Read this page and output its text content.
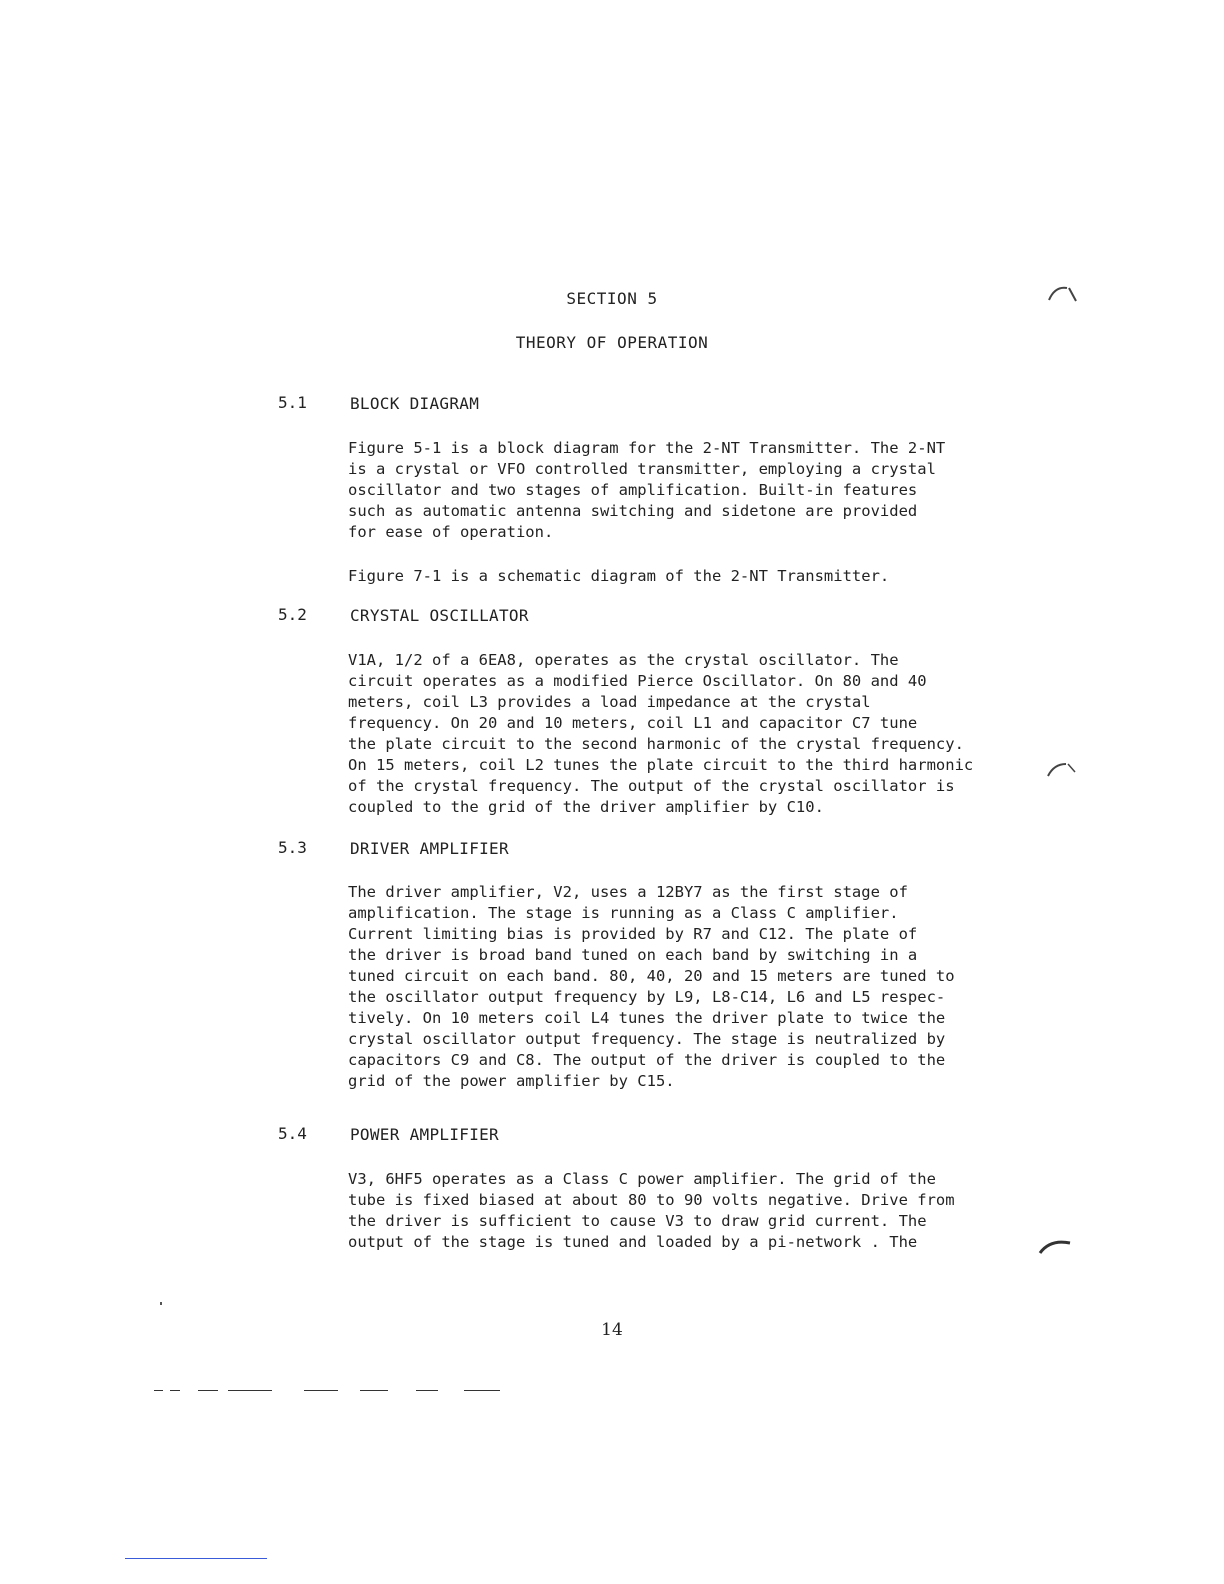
SECTION 5
THEORY OF OPERATION
5.1	BLOCK DIAGRAM
Figure 5-1 is a block diagram for the 2-NT Transmitter. The 2-NT
is a crystal or VFO controlled transmitter, employing a crystal
oscillator and two stages of amplification. Built-in features
such as automatic antenna switching and sidetone are provided
for ease of operation.
Figure 7-1 is a schematic diagram of the 2-NT Transmitter.
5.2	CRYSTAL OSCILLATOR
V1A, 1/2 of a 6EA8, operates as the crystal oscillator. The
circuit operates as a modified Pierce Oscillator. On 80 and 40
meters, coil L3 provides a load impedance at the crystal
frequency. On 20 and 10 meters, coil L1 and capacitor C7 tune
the plate circuit to the second harmonic of the crystal frequency.
On 15 meters, coil L2 tunes the plate circuit to the third harmonic
of the crystal frequency. The output of the crystal oscillator is
coupled to the grid of the driver amplifier by C10.
5.3	DRIVER AMPLIFIER
The driver amplifier, V2, uses a 12BY7 as the first stage of
amplification. The stage is running as a Class C amplifier.
Current limiting bias is provided by R7 and C12. The plate of
the driver is broad band tuned on each band by switching in a
tuned circuit on each band. 80, 40, 20 and 15 meters are tuned to
the oscillator output frequency by L9, L8-C14, L6 and L5 respec-
tively. On 10 meters coil L4 tunes the driver plate to twice the
crystal oscillator output frequency. The stage is neutralized by
capacitors C9 and C8. The output of the driver is coupled to the
grid of the power amplifier by C15.
5.4	POWER AMPLIFIER
V3, 6HF5 operates as a Class C power amplifier. The grid of the
tube is fixed biased at about 80 to 90 volts negative. Drive from
the driver is sufficient to cause V3 to draw grid current. The
output of the stage is tuned and loaded by a pi-network . The
14
